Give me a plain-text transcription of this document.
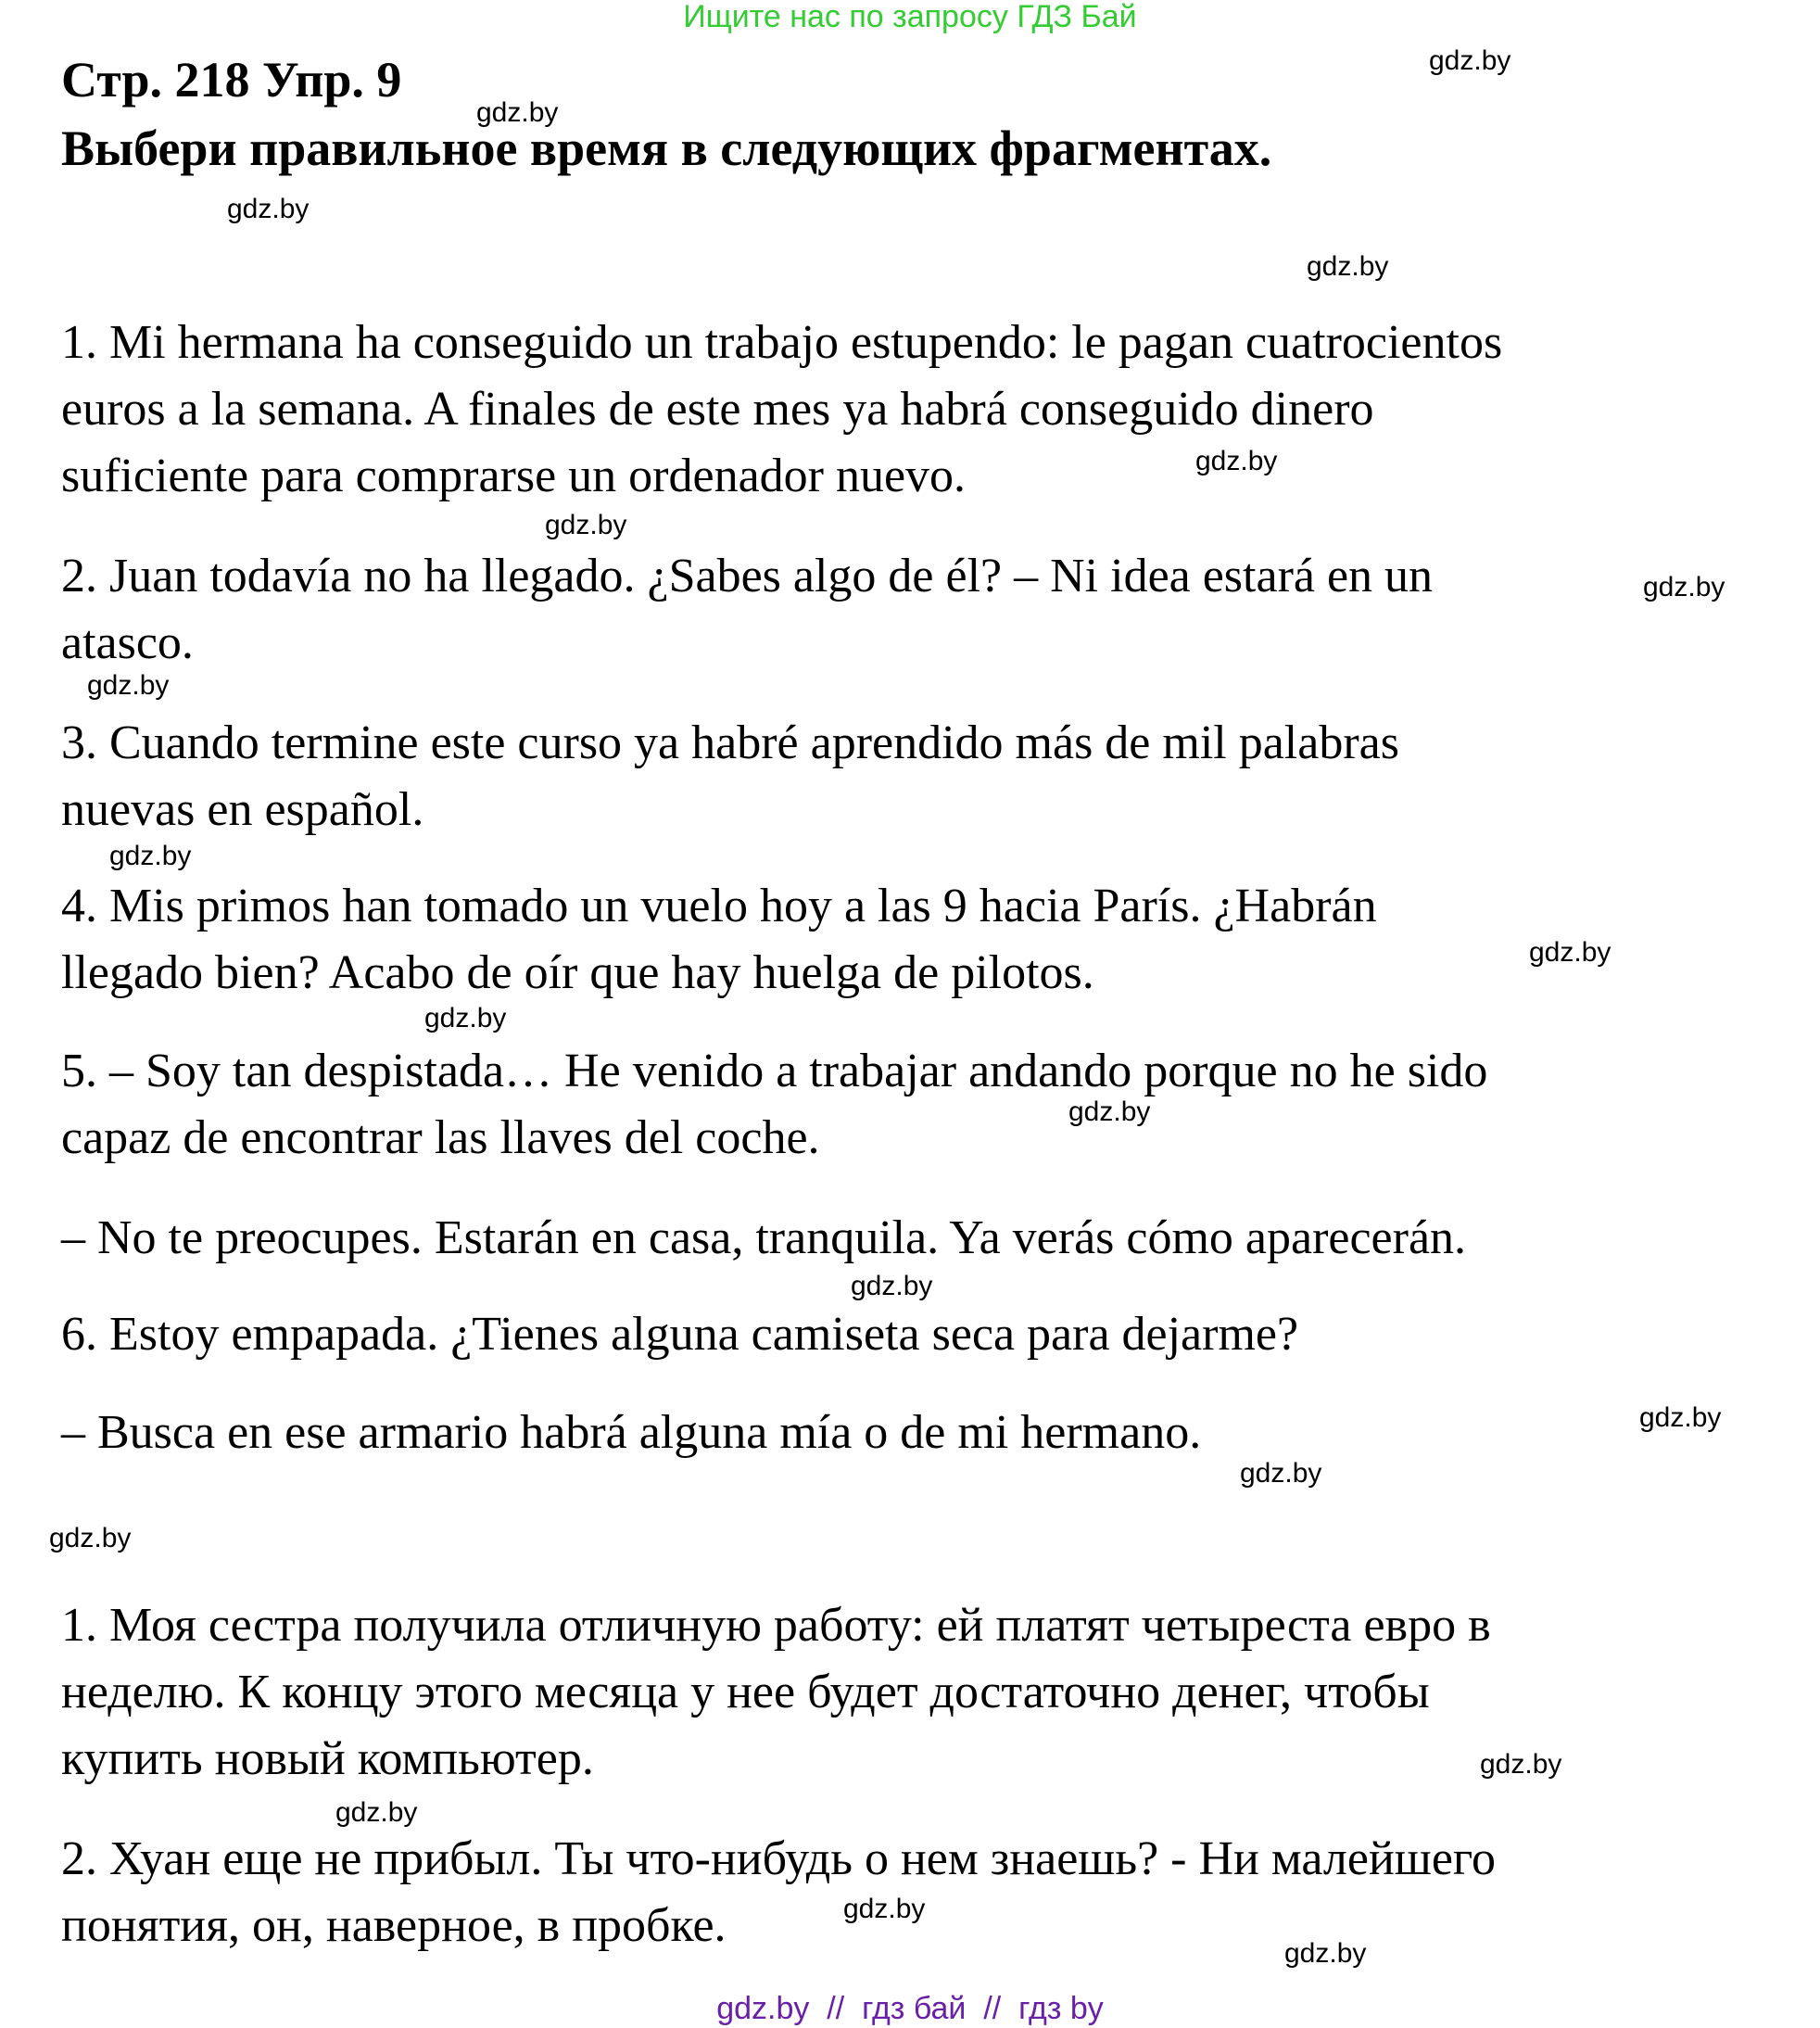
Ищите нас по запросу ГДЗ Бай
Стр. 218 Упр. 9
Выбери правильное время в следующих фрагментах.
1. Mi hermana ha conseguido un trabajo estupendo: le pagan cuatrocientos
euros a la semana. A finales de este mes ya habrá conseguido dinero
suficiente para comprarse un ordenador nuevo.
2. Juan todavía no ha llegado. ¿Sabes algo de él? – Ni idea estará en un
atasco.
3. Cuando termine este curso ya habré aprendido más de mil palabras
nuevas en español.
4. Mis primos han tomado un vuelo hoy a las 9 hacia París. ¿Habrán
llegado bien? Acabo de oír que hay huelga de pilotos.
5. – Soy tan despistada… He venido a trabajar andando porque no he sido
capaz de encontrar las llaves del coche.
– No te preocupes. Estarán en casa, tranquila. Ya verás cómo aparecerán.
6. Estoy empapada. ¿Tienes alguna camiseta seca para dejarme?
– Busca en ese armario habrá alguna mía o de mi hermano.
1. Моя сестра получила отличную работу: ей платят четыреста евро в
неделю. К концу этого месяца у нее будет достаточно денег, чтобы
купить новый компьютер.
2. Хуан еще не прибыл. Ты что-нибудь о нем знаешь? - Ни малейшего
понятия, он, наверное, в пробке.
gdz.by
gdz.by
gdz.by
gdz.by
gdz.by
gdz.by
gdz.by
gdz.by
gdz.by
gdz.by
gdz.by
gdz.by
gdz.by
gdz.by
gdz.by
gdz.by
gdz.by
gdz.by
gdz.by
gdz.by
gdz.by  //  гдз бай  //  гдз by
